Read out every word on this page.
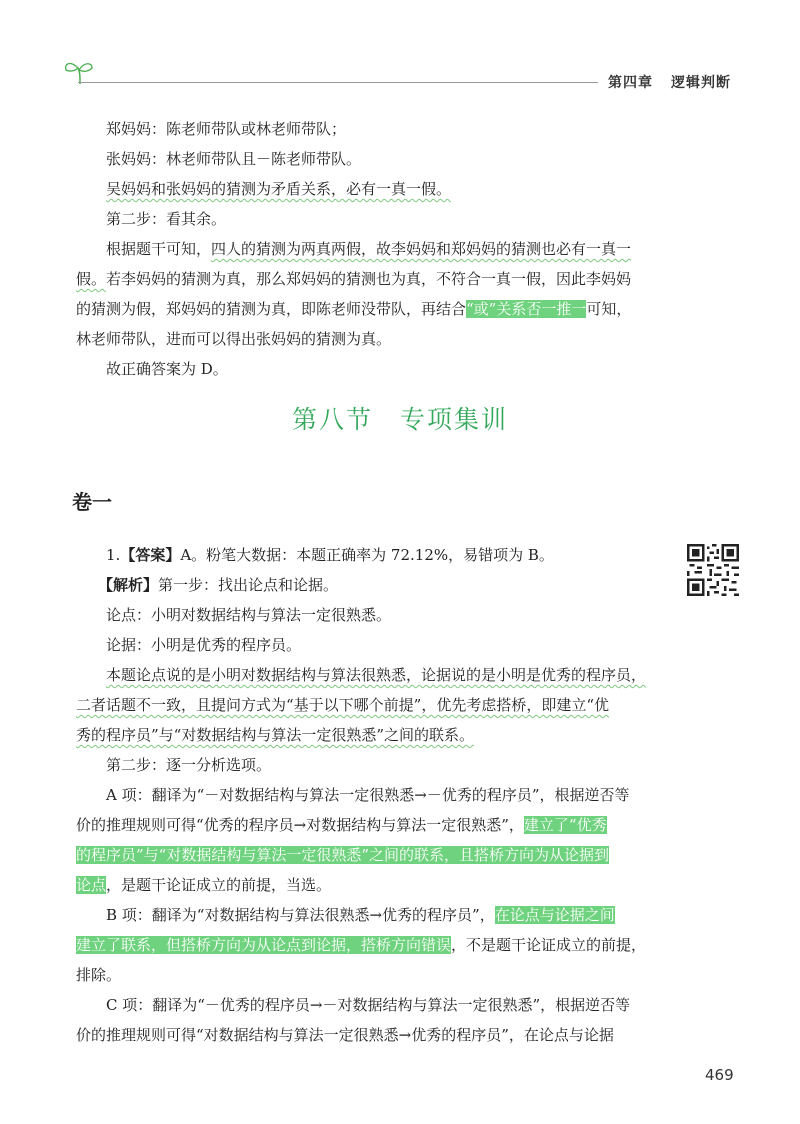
第四章 逻辑判断
郑妈妈：陈老师带队或林老师带队；
张妈妈：林老师带队且－陈老师带队。
吴妈妈和张妈妈的猜测为矛盾关系，必有一真一假。
第二步：看其余。
根据题干可知，四人的猜测为两真两假，故李妈妈和郑妈妈的猜测也必有一真一
假。若李妈妈的猜测为真，那么郑妈妈的猜测也为真，不符合一真一假，因此李妈妈
的猜测为假，郑妈妈的猜测为真，即陈老师没带队，再结合“或”关系否一推一可知，
林老师带队，进而可以得出张妈妈的猜测为真。
故正确答案为 D。
第八节　专项集训
卷一
1.【答案】A。粉笔大数据：本题正确率为 72.12%，易错项为 B。
【解析】第一步：找出论点和论据。
论点：小明对数据结构与算法一定很熟悉。
论据：小明是优秀的程序员。
本题论点说的是小明对数据结构与算法很熟悉，论据说的是小明是优秀的程序员，
二者话题不一致，且提问方式为“基于以下哪个前提”，优先考虑搭桥，即建立“优
秀的程序员”与“对数据结构与算法一定很熟悉”之间的联系。
第二步：逐一分析选项。
A 项：翻译为“－对数据结构与算法一定很熟悉→－优秀的程序员”，根据逆否等
价的推理规则可得“优秀的程序员→对数据结构与算法一定很熟悉”，建立了“优秀
的程序员”与“对数据结构与算法一定很熟悉”之间的联系，且搭桥方向为从论据到
论点，是题干论证成立的前提，当选。
B 项：翻译为“对数据结构与算法很熟悉→优秀的程序员”，在论点与论据之间
建立了联系，但搭桥方向为从论点到论据，搭桥方向错误，不是题干论证成立的前提，
排除。
C 项：翻译为“－优秀的程序员→－对数据结构与算法一定很熟悉”，根据逆否等
价的推理规则可得“对数据结构与算法一定很熟悉→优秀的程序员”，在论点与论据
469
